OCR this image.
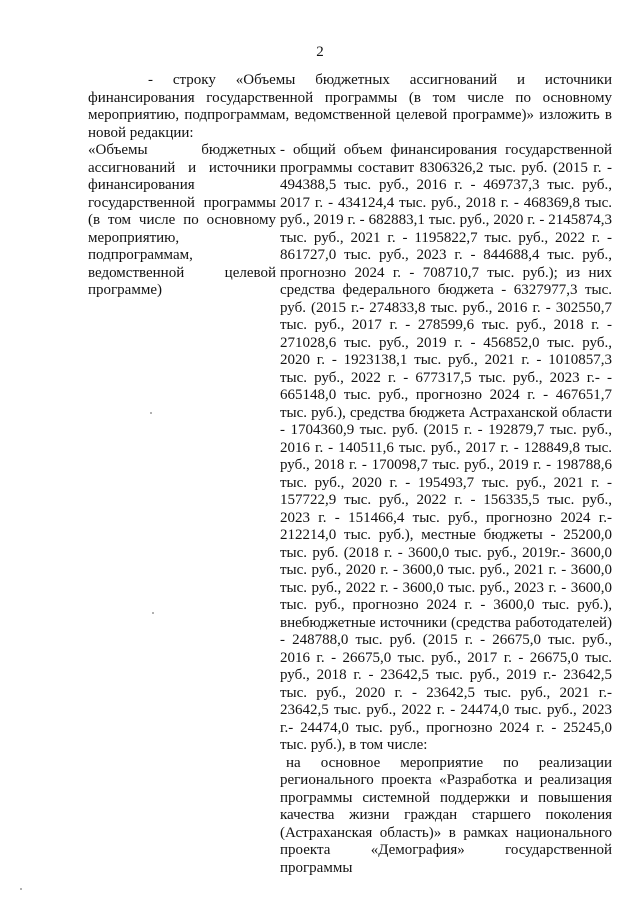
2

- строку «Объемы бюджетных ассигнований и источники финансирования государственной программы (в том числе по основному мероприятию, подпрограммам, ведомственной целевой программе)» изложить в новой редакции:

«Объемы бюджетных ассигнований и источники финансирования государственной программы (в том числе по основному мероприятию, подпрограммам, ведомственной целевой программе)

- общий объем финансирования государственной программы составит 8306326,2 тыс. руб. (2015 г. - 494388,5 тыс. руб., 2016 г. - 469737,3 тыс. руб., 2017 г. - 434124,4 тыс. руб., 2018 г. - 468369,8 тыс. руб., 2019 г. - 682883,1 тыс. руб., 2020 г. - 2145874,3 тыс. руб., 2021 г. - 1195822,7 тыс. руб., 2022 г. - 861727,0 тыс. руб., 2023 г. - 844688,4 тыс. руб., прогнозно 2024 г. - 708710,7 тыс. руб.); из них средства федерального бюджета - 6327977,3 тыс. руб. (2015 г.- 274833,8 тыс. руб., 2016 г. - 302550,7 тыс. руб., 2017 г. - 278599,6 тыс. руб., 2018 г. - 271028,6 тыс. руб., 2019 г. - 456852,0 тыс. руб., 2020 г. - 1923138,1 тыс. руб., 2021 г. - 1010857,3 тыс. руб., 2022 г. - 677317,5 тыс. руб., 2023 г.- - 665148,0 тыс. руб., прогнозно 2024 г. - 467651,7 тыс. руб.), средства бюджета Астраханской области - 1704360,9 тыс. руб. (2015 г. - 192879,7 тыс. руб., 2016 г. - 140511,6 тыс. руб., 2017 г. - 128849,8 тыс. руб., 2018 г. - 170098,7 тыс. руб., 2019 г. - 198788,6 тыс. руб., 2020 г. - 195493,7 тыс. руб., 2021 г. - 157722,9 тыс. руб., 2022 г. - 156335,5 тыс. руб., 2023 г. - 151466,4 тыс. руб., прогнозно 2024 г.- 212214,0 тыс. руб.), местные бюджеты - 25200,0 тыс. руб. (2018 г. - 3600,0 тыс. руб., 2019г.- 3600,0 тыс. руб., 2020 г. - 3600,0 тыс. руб., 2021 г. - 3600,0 тыс. руб., 2022 г. - 3600,0 тыс. руб., 2023 г. - 3600,0 тыс. руб., прогнозно 2024 г. - 3600,0 тыс. руб.), внебюджетные источники (средства работодателей) - 248788,0 тыс. руб. (2015 г. - 26675,0 тыс. руб., 2016 г. - 26675,0 тыс. руб., 2017 г. - 26675,0 тыс. руб., 2018 г. - 23642,5 тыс. руб., 2019 г.- 23642,5 тыс. руб., 2020 г. - 23642,5 тыс. руб., 2021 г.- 23642,5 тыс. руб., 2022 г. - 24474,0 тыс. руб., 2023 г.- 24474,0 тыс. руб., прогнозно 2024 г. - 25245,0 тыс. руб.), в том числе:

на основное мероприятие по реализации регионального проекта «Разработка и реализация программы системной поддержки и повышения качества жизни граждан старшего поколения (Астраханская область)» в рамках национального проекта «Демография» государственной программы
